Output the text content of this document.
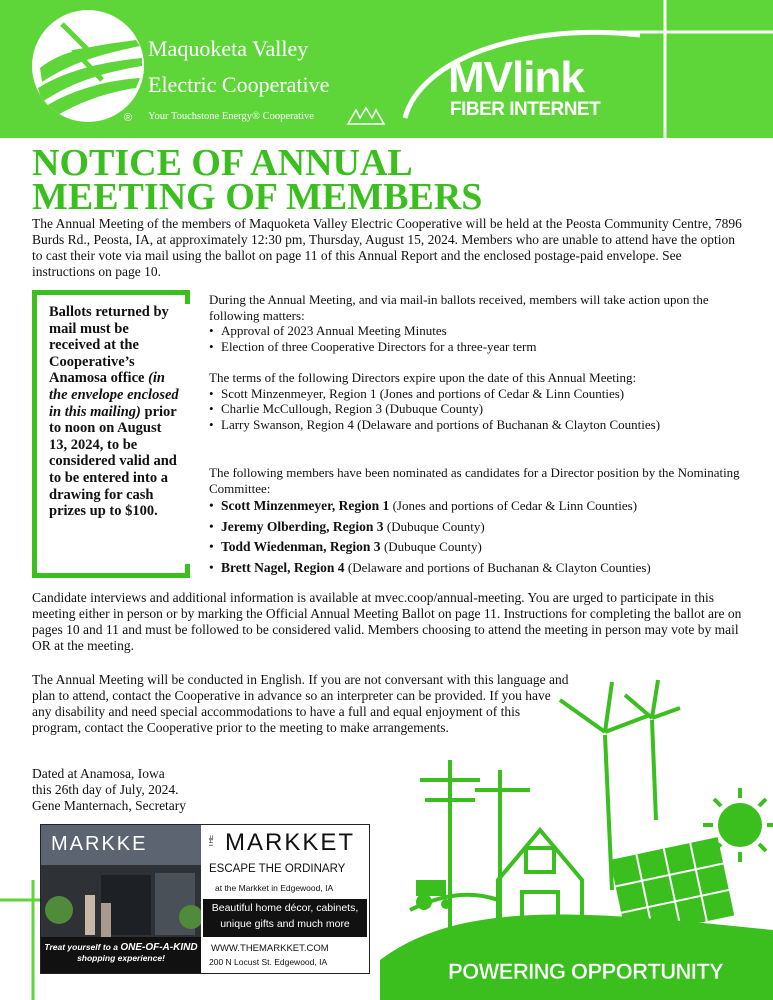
Maquoketa Valley
Electric Cooperative
® Your Touchstone Energy® Cooperative
MVlink
FIBER INTERNET
NOTICE OF ANNUAL
MEETING OF MEMBERS
The Annual Meeting of the members of Maquoketa Valley Electric Cooperative will be held at the Peosta Community Centre, 7896 Burds Rd., Peosta, IA, at approximately 12:30 pm, Thursday, August 15, 2024. Members who are unable to attend have the option to cast their vote via mail using the ballot on page 11 of this Annual Report and the enclosed postage-paid envelope. See instructions on page 10.
Ballots returned by mail must be received at the Cooperative’s Anamosa office (in the envelope enclosed in this mailing) prior to noon on August 13, 2024, to be considered valid and to be entered into a drawing for cash prizes up to $100.
During the Annual Meeting, and via mail-in ballots received, members will take action upon the following matters:
• Approval of 2023 Annual Meeting Minutes
• Election of three Cooperative Directors for a three-year term
The terms of the following Directors expire upon the date of this Annual Meeting:
• Scott Minzenmeyer, Region 1 (Jones and portions of Cedar & Linn Counties)
• Charlie McCullough, Region 3 (Dubuque County)
• Larry Swanson, Region 4 (Delaware and portions of Buchanan & Clayton Counties)
The following members have been nominated as candidates for a Director position by the Nominating Committee:
• Scott Minzenmeyer, Region 1 (Jones and portions of Cedar & Linn Counties)
• Jeremy Olberding, Region 3 (Dubuque County)
• Todd Wiedenman, Region 3 (Dubuque County)
• Brett Nagel, Region 4 (Delaware and portions of Buchanan & Clayton Counties)
Candidate interviews and additional information is available at mvec.coop/annual-meeting. You are urged to participate in this meeting either in person or by marking the Official Annual Meeting Ballot on page 11. Instructions for completing the ballot are on pages 10 and 11 and must be followed to be considered valid. Members choosing to attend the meeting in person may vote by mail OR at the meeting.
The Annual Meeting will be conducted in English. If you are not conversant with this language and plan to attend, contact the Cooperative in advance so an interpreter can be provided. If you have any disability and need special accommodations to have a full and equal enjoyment of this program, contact the Cooperative prior to the meeting to make arrangements.
Dated at Anamosa, Iowa
this 26th day of July, 2024.
Gene Manternach, Secretary
MARKKE
Treat yourself to a ONE-OF-A-KIND
shopping experience!
THE MARKKET
ESCAPE THE ORDINARY
at the Markket in Edgewood, IA
Beautiful home décor, cabinets,
unique gifts and much more
WWW.THEMARKKET.COM
200 N Locust St. Edgewood, IA	POWERING OPPORTUNITY
